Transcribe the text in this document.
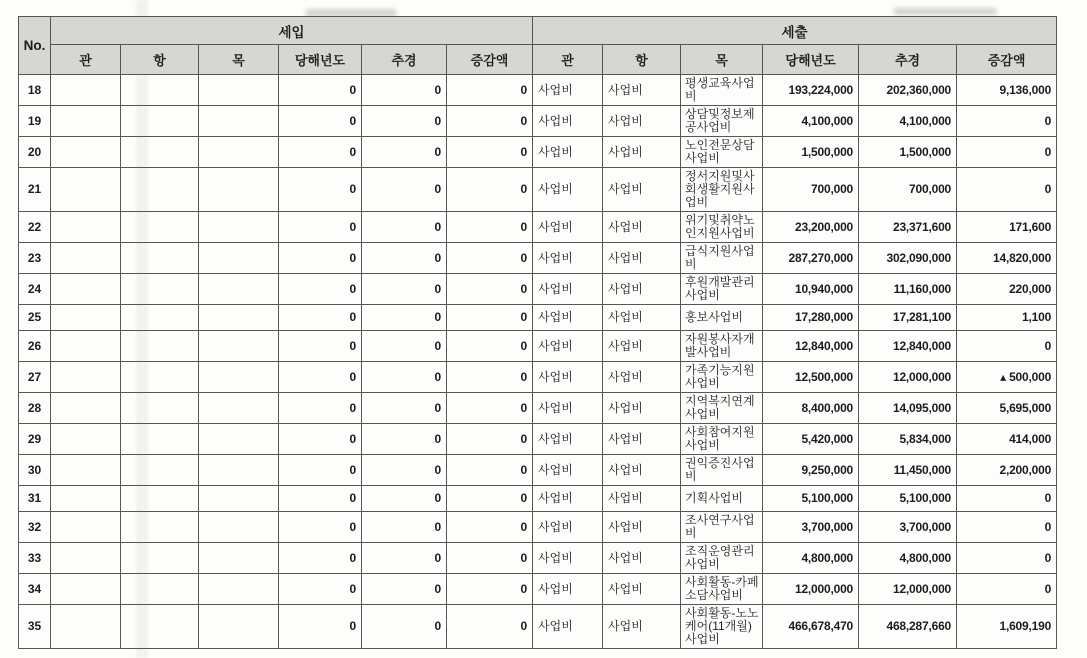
No.	세입						세출					
	관	항	목	당해년도	추경	증감액	관	항	목	당해년도	추경	증감액
18				0	0	0	사업비	사업비	평생교육사업비	193,224,000	202,360,000	9,136,000
19				0	0	0	사업비	사업비	상담및정보제공사업비	4,100,000	4,100,000	0
20				0	0	0	사업비	사업비	노인전문상담사업비	1,500,000	1,500,000	0
21				0	0	0	사업비	사업비	정서지원및사회생활지원사업비	700,000	700,000	0
22				0	0	0	사업비	사업비	위기및취약노인지원사업비	23,200,000	23,371,600	171,600
23				0	0	0	사업비	사업비	급식지원사업비	287,270,000	302,090,000	14,820,000
24				0	0	0	사업비	사업비	후원개발관리사업비	10,940,000	11,160,000	220,000
25				0	0	0	사업비	사업비	홍보사업비	17,280,000	17,281,100	1,100
26				0	0	0	사업비	사업비	자원봉사자개발사업비	12,840,000	12,840,000	0
27				0	0	0	사업비	사업비	가족기능지원사업비	12,500,000	12,000,000	▴ 500,000
28				0	0	0	사업비	사업비	지역복지연계사업비	8,400,000	14,095,000	5,695,000
29				0	0	0	사업비	사업비	사회참여지원사업비	5,420,000	5,834,000	414,000
30				0	0	0	사업비	사업비	권익증진사업비	9,250,000	11,450,000	2,200,000
31				0	0	0	사업비	사업비	기획사업비	5,100,000	5,100,000	0
32				0	0	0	사업비	사업비	조사연구사업비	3,700,000	3,700,000	0
33				0	0	0	사업비	사업비	조직운영관리사업비	4,800,000	4,800,000	0
34				0	0	0	사업비	사업비	사회활동-카페소담사업비	12,000,000	12,000,000	0
35				0	0	0	사업비	사업비	사회활동-노노케어(11개월)사업비	466,678,470	468,287,660	1,609,190
